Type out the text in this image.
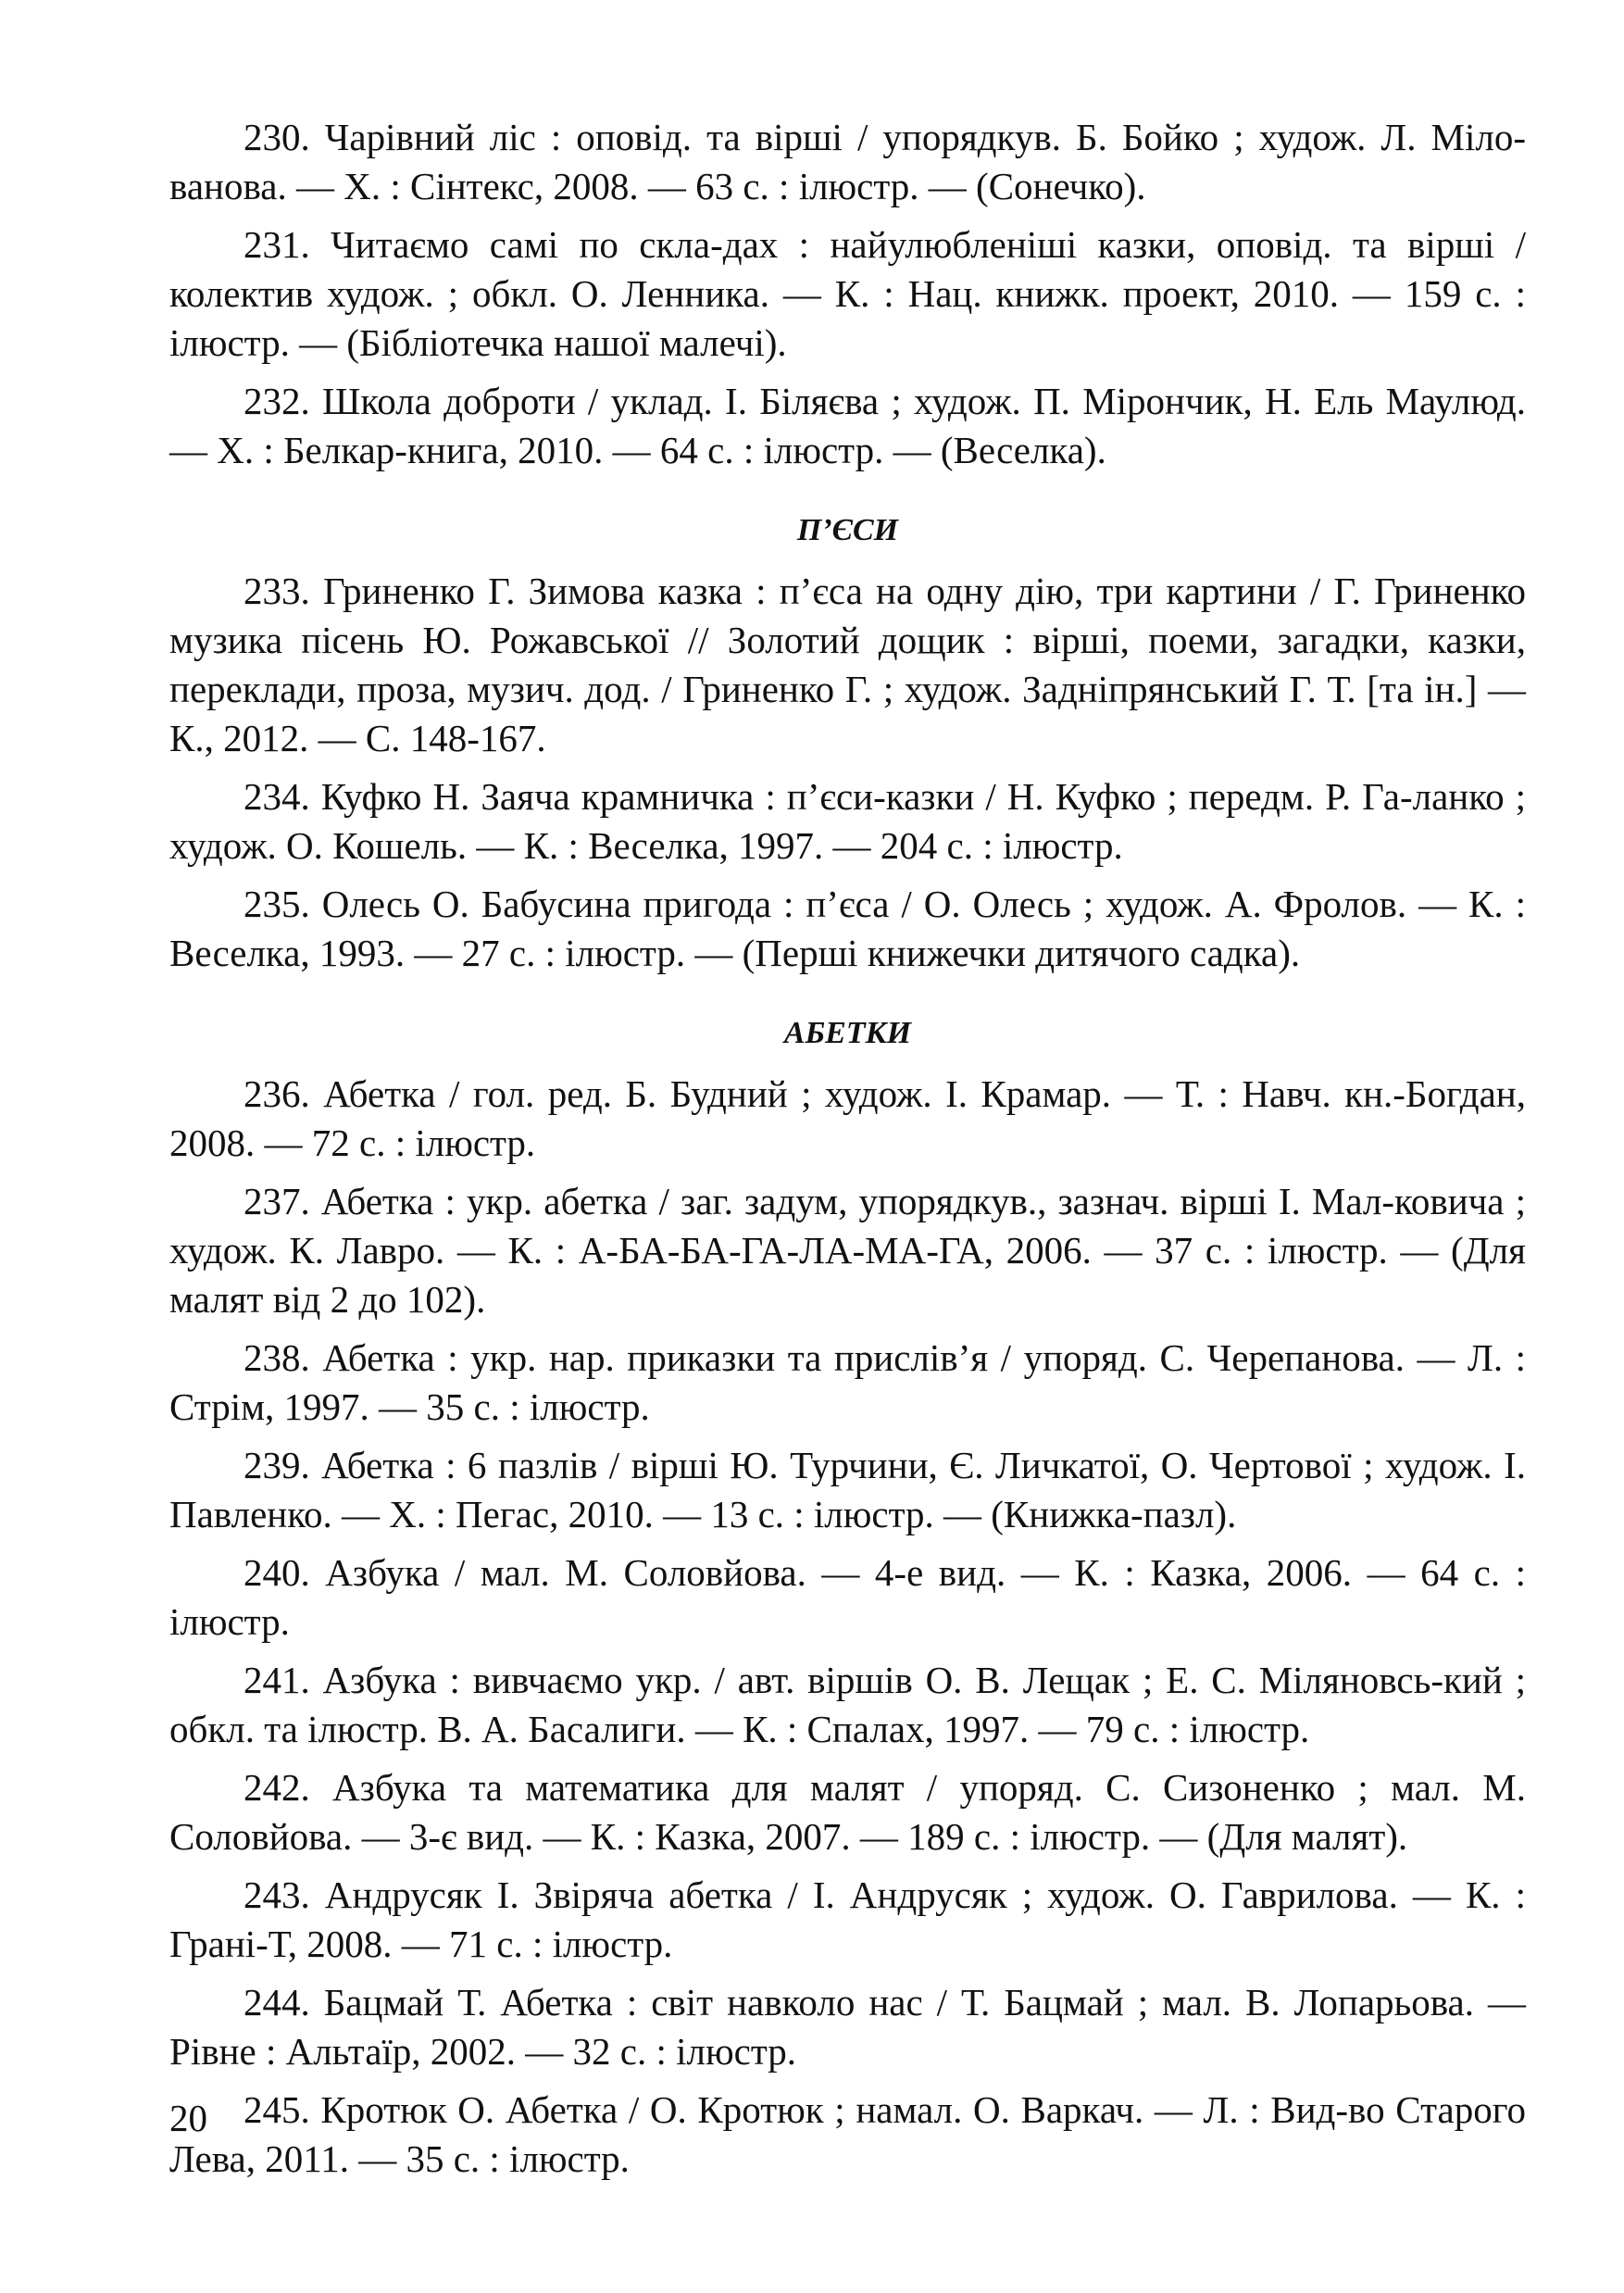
230. Чарівний ліс : оповід. та вірші / упорядкув. Б. Бойко ; худож. Л. Міло-ванова. — Х. : Сінтекс, 2008. — 63 с. : ілюстр. — (Сонечко).

231. Читаємо самі по скла-дах : найулюбленіші казки, оповід. та вірші / колектив худож. ; обкл. О. Ленника. — К. : Нац. книжк. проект, 2010. — 159 с. : ілюстр. — (Бібліотечка нашої малечі).

232. Школа доброти / уклад. І. Біляєва ; худож. П. Мірончик, Н. Ель Маулюд. — Х. : Белкар-книга, 2010. — 64 с. : ілюстр. — (Веселка).

П’ЄСИ

233. Гриненко Г. Зимова казка : п’єса на одну дію, три картини / Г. Гриненко музика пісень Ю. Рожавської // Золотий дощик : вірші, поеми, загадки, казки, переклади, проза, музич. дод. / Гриненко Г. ; худож. Задніпрянський Г. Т. [та ін.] — К., 2012. — С. 148-167.

234. Куфко Н. Заяча крамничка : п’єси-казки / Н. Куфко ; передм. Р. Га-ланко ; худож. О. Кошель. — К. : Веселка, 1997. — 204 с. : ілюстр.

235. Олесь О. Бабусина пригода : п’єса / О. Олесь ; худож. А. Фролов. — К. : Веселка, 1993. — 27 с. : ілюстр. — (Перші книжечки дитячого садка).

АБЕТКИ

236. Абетка / гол. ред. Б. Будний ; худож. І. Крамар. — Т. : Навч. кн.-Богдан, 2008. — 72 с. : ілюстр.

237. Абетка : укр. абетка / заг. задум, упорядкув., зазнач. вірші І. Мал-ковича ; худож. К. Лавро. — К. : А-БА-БА-ГА-ЛА-МА-ГА, 2006. — 37 с. : ілюстр. — (Для малят від 2 до 102).

238. Абетка : укр. нар. приказки та прислів’я / упоряд. С. Черепанова. — Л. : Стрім, 1997. — 35 с. : ілюстр.

239. Абетка : 6 пазлів / вірші Ю. Турчини, Є. Личкатої, О. Чертової ; худож. І. Павленко. — Х. : Пегас, 2010. — 13 с. : ілюстр. — (Книжка-пазл).

240. Азбука / мал. М. Соловйова. — 4-е вид. — К. : Казка, 2006. — 64 с. : ілюстр.

241. Азбука : вивчаємо укр. / авт. віршів О. В. Лещак ; Е. С. Міляновсь-кий ; обкл. та ілюстр. В. А. Басалиги. — К. : Спалах, 1997. — 79 с. : ілюстр.

242. Азбука та математика для малят / упоряд. С. Сизоненко ; мал. М. Соловйова. — 3-є вид. — К. : Казка, 2007. — 189 с. : ілюстр. — (Для малят).

243. Андрусяк І. Звіряча абетка / І. Андрусяк ; худож. О. Гаврилова. — К. : Грані-Т, 2008. — 71 с. : ілюстр.

244. Бацмай Т. Абетка : світ навколо нас / Т. Бацмай ; мал. В. Лопарьова. — Рівне : Альтаїр, 2002. — 32 с. : ілюстр.

245. Кротюк О. Абетка / О. Кротюк ; намал. О. Варкач. — Л. : Вид-во Старого Лева, 2011. — 35 с. : ілюстр.

20
